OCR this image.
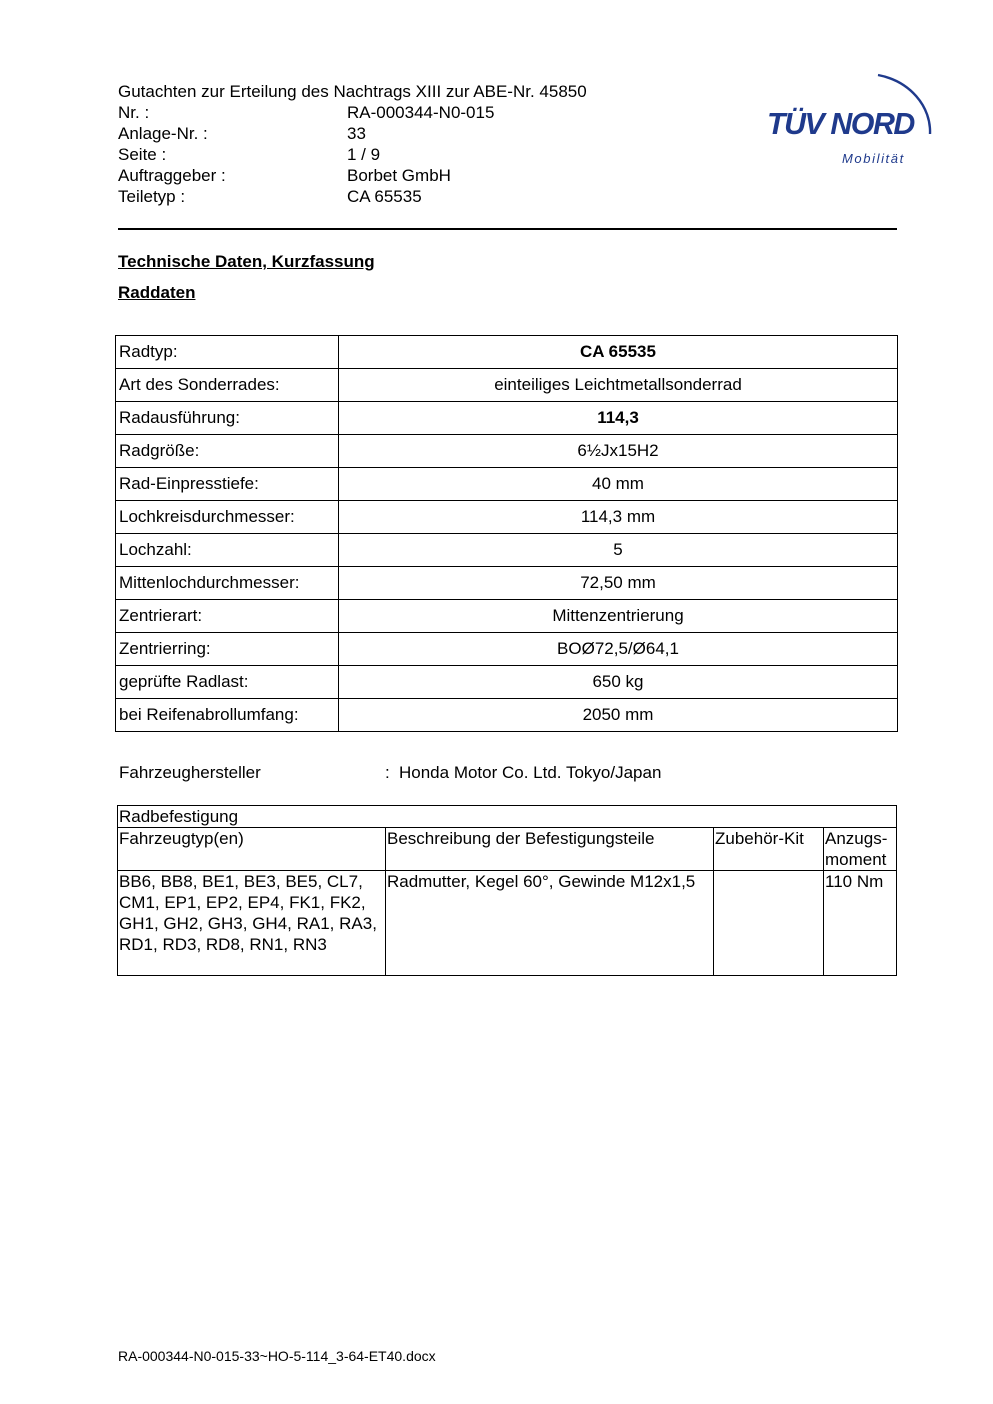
Gutachten zur Erteilung des Nachtrags XIII zur ABE-Nr. 45850
Nr. :	RA-000344-N0-015
Anlage-Nr. :	33
Seite :	1 / 9
Auftraggeber :	Borbet GmbH
Teiletyp :	CA 65535
TÜV NORD
Mobilität
Technische Daten, Kurzfassung
Raddaten
Radtyp:	CA 65535
Art des Sonderrades:	einteiliges Leichtmetallsonderrad
Radausführung:	114,3
Radgröße:	6½Jx15H2
Rad-Einpresstiefe:	40 mm
Lochkreisdurchmesser:	114,3 mm
Lochzahl:	5
Mittenlochdurchmesser:	72,50 mm
Zentrierart:	Mittenzentrierung
Zentrierring:	BOØ72,5/Ø64,1
geprüfte Radlast:	650 kg
bei Reifenabrollumfang:	2050 mm
Fahrzeughersteller	: Honda Motor Co. Ltd. Tokyo/Japan
Radbefestigung			
Fahrzeugtyp(en)	Beschreibung der Befestigungsteile	Zubehör-Kit	Anzugs-moment
BB6, BB8, BE1, BE3, BE5, CL7, CM1, EP1, EP2, EP4, FK1, FK2, GH1, GH2, GH3, GH4, RA1, RA3, RD1, RD3, RD8, RN1, RN3	Radmutter, Kegel 60°, Gewinde M12x1,5		110 Nm
RA-000344-N0-015-33~HO-5-114_3-64-ET40.docx
